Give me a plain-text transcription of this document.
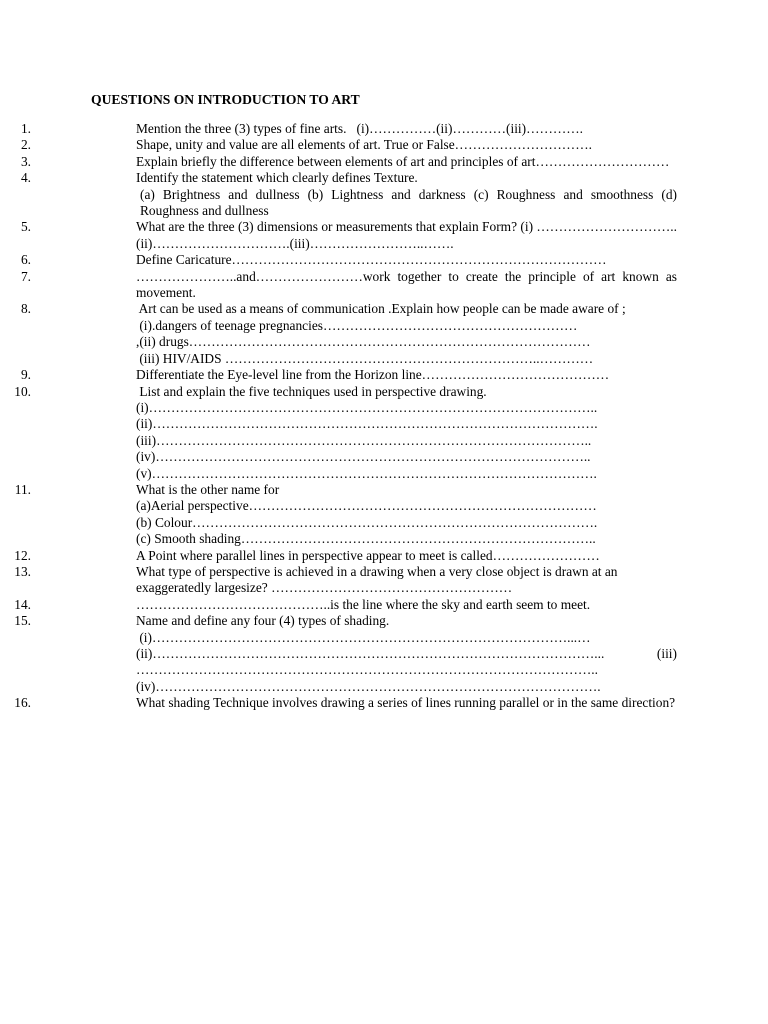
QUESTIONS ON INTRODUCTION TO ART
1.	Mention the three (3) types of fine arts.   (i)……………(ii)…………(iii)………….
2.	Shape, unity and value are all elements of art. True or False………………………….
3.	Explain briefly the difference between elements of art and principles of art…………………………
4.	Identify the statement which clearly defines Texture.
(a) Brightness and dullness (b) Lightness and darkness (c) Roughness and smoothness (d) Roughness and dullness
5.	What are the three (3) dimensions or measurements that explain Form? (i) …………………………..(ii)………………………….(iii)……………………..…….
6.	Define Caricature…………………………………………………………………………
7.	…………………..and……………………work together to create the principle of art known as movement.
8.	Art can be used as a means of communication .Explain how people can be made aware of ;
(i).dangers of teenage pregnancies…………………………………………………
,(ii) drugs………………………………………………………………………………
(iii) HIV/AIDS ……………………………………………………………..…………
9.	Differentiate the Eye-level line from the Horizon line……………………………………
10.	List and explain the five techniques used in perspective drawing.
(i)………………………………………………………………………………………..
(ii)……………………………………………………………………………………….
(iii)……………………………………………………………………………………..
(iv)……………………………………………………………………………………..
(v)……………………………………………………………………………………….
11.	What is the other name for
(a)Aerial perspective……………………………………………………………………
(b) Colour……………………………………………………………………………….
(c) Smooth shading……………………………………………………………………..
12.	A Point where parallel lines in perspective appear to meet is called……………………
13.	What type of perspective is achieved in a drawing when a very close object is drawn at an
exaggeratedly largesize? ………………………………………………
14.	……………………………………..is the line where the sky and earth seem to meet.
15.	Name and define any four (4) types of shading.
(i)…………………………………………………………………………………...…
(ii)………………………………………………………………………………………...	(iii)
…………………………………………………………………………………………..
(iv)……………………………………………………………………………………….
16.	What shading Technique involves drawing a series of lines running parallel or in the same direction?
